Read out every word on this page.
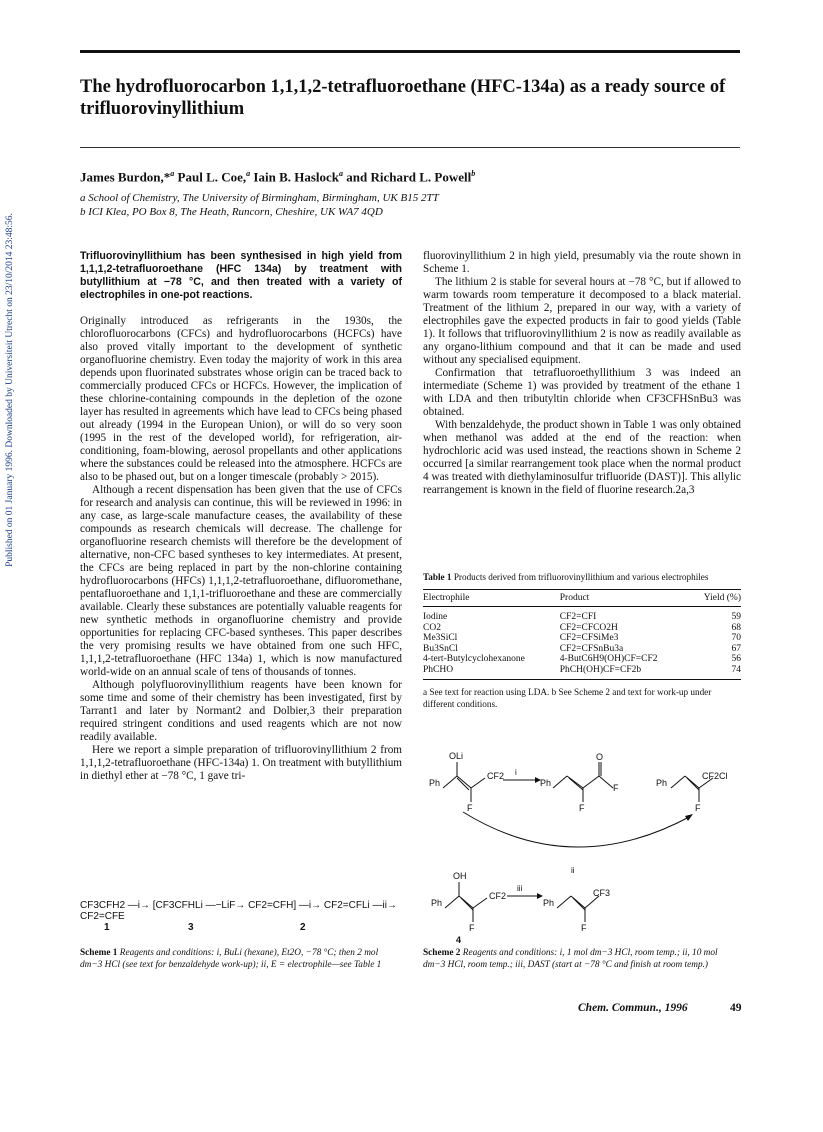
Published on 01 January 1996. Downloaded by Universiteit Utrecht on 23/10/2014 23:48:56.
The hydrofluorocarbon 1,1,1,2-tetrafluoroethane (HFC-134a) as a ready source of trifluorovinyllithium
James Burdon,*$^a$ Paul L. Coe,$^a$ Iain B. Haslock$^a$ and Richard L. Powell$^b$
a School of Chemistry, The University of Birmingham, Birmingham, UK B15 2TT
b ICI Klea, PO Box 8, The Heath, Runcorn, Cheshire, UK WA7 4QD

Trifluorovinyllithium has been synthesised in high yield from 1,1,1,2-tetrafluoroethane (HFC 134a) by treatment with butyllithium at −78 °C, and then treated with a variety of electrophiles in one-pot reactions.

Originally introduced as refrigerants in the 1930s, the chlorofluorocarbons (CFCs) and hydrofluorocarbons (HCFCs) have also proved vitally important to the development of synthetic organofluorine chemistry. Even today the majority of work in this area depends upon fluorinated substrates whose origin can be traced back to commercially produced CFCs or HCFCs. However, the implication of these chlorine-containing compounds in the depletion of the ozone layer has resulted in agreements which have lead to CFCs being phased out already (1994 in the European Union), or will do so very soon (1995 in the rest of the developed world), for refrigeration, air-conditioning, foam-blowing, aerosol propellants and other applications where the substances could be released into the atmosphere. HCFCs are also to be phased out, but on a longer timescale (probably > 2015).

Although a recent dispensation has been given that the use of CFCs for research and analysis can continue, this will be reviewed in 1996: in any case, as large-scale manufacture ceases, the availability of these compounds as research chemicals will decrease. The challenge for organofluorine research chemists will therefore be the development of alternative, non-CFC based syntheses to key intermediates. At present, the CFCs are being replaced in part by the non-chlorine containing hydrofluorocarbons (HFCs) 1,1,1,2-tetrafluoroethane, difluoromethane, pentafluoroethane and 1,1,1-trifluoroethane and these are commercially available. Clearly these substances are potentially valuable reagents for new synthetic methods in organofluorine chemistry and provide opportunities for replacing CFC-based syntheses. This paper describes the very promising results we have obtained from one such HFC, 1,1,1,2-tetrafluoroethane (HFC 134a) 1, which is now manufactured world-wide on an annual scale of tens of thousands of tonnes.

Although polyfluorovinyllithium reagents have been known for some time and some of their chemistry has been investigated, first by Tarrant1 and later by Normant2 and Dolbier,3 their preparation required stringent conditions and used reagents which are not now readily available.

Here we report a simple preparation of trifluorovinyllithium 2 from 1,1,1,2-tetrafluoroethane (HFC-134a) 1. On treatment with butyllithium in diethyl ether at −78 °C, 1 gave tri-

fluorovinyllithium 2 in high yield, presumably via the route shown in Scheme 1.

The lithium 2 is stable for several hours at −78 °C, but if allowed to warm towards room temperature it decomposed to a black material. Treatment of the lithium 2, prepared in our way, with a variety of electrophiles gave the expected products in fair to good yields (Table 1). It follows that trifluorovinyllithium 2 is now as readily available as any organo-lithium compound and that it can be made and used without any specialised equipment.

Confirmation that tetrafluoroethyllithium 3 was indeed an intermediate (Scheme 1) was provided by treatment of the ethane 1 with LDA and then tributyltin chloride when CF3CFHSnBu3 was obtained.

With benzaldehyde, the product shown in Table 1 was only obtained when methanol was added at the end of the reaction: when hydrochloric acid was used instead, the reactions shown in Scheme 2 occurred [a similar rearrangement took place when the normal product 4 was treated with diethylaminosulfur trifluoride (DAST)]. This allylic rearrangement is known in the field of fluorine research.2a,3

Table 1 Products derived from trifluorovinyllithium and various electrophiles
Electrophile	Product	Yield (%)
Iodine	CF2=CFI	59
CO2	CF2=CFCO2H	68
Me3SiCl	CF2=CFSiMe3	70
Bu3SnCl	CF2=CFSnBu3a	67
4-tert-Butylcyclohexanone	4-ButC6H9(OH)CF=CF2	56
PhCHO	PhCH(OH)CF=CF2b	74
a See text for reaction using LDA. b See Scheme 2 and text for work-up under different conditions.
CF3CFH2 —i→ [CF3CFHLi —−LiF→ CF2=CFH] —i→ CF2=CFLi —ii→ CF2=CFE
1	3	2
Scheme 1 Reagents and conditions: i, BuLi (hexane), Et2O, −78 °C; then 2 mol dm−3 HCl (see text for benzaldehyde work-up); ii, E = electrophile—see Table 1
OLi
Ph
CF2
F
i
O
Ph	F
F
Ph
CF2Cl
F
ii
OH
Ph
CF2
F
4
iii
Ph
CF3
F
Scheme 2 Reagents and conditions: i, 1 mol dm−3 HCl, room temp.; ii, 10 mol dm−3 HCl, room temp.; iii, DAST (start at −78 °C and finish at room temp.)
Chem. Commun., 1996	49
